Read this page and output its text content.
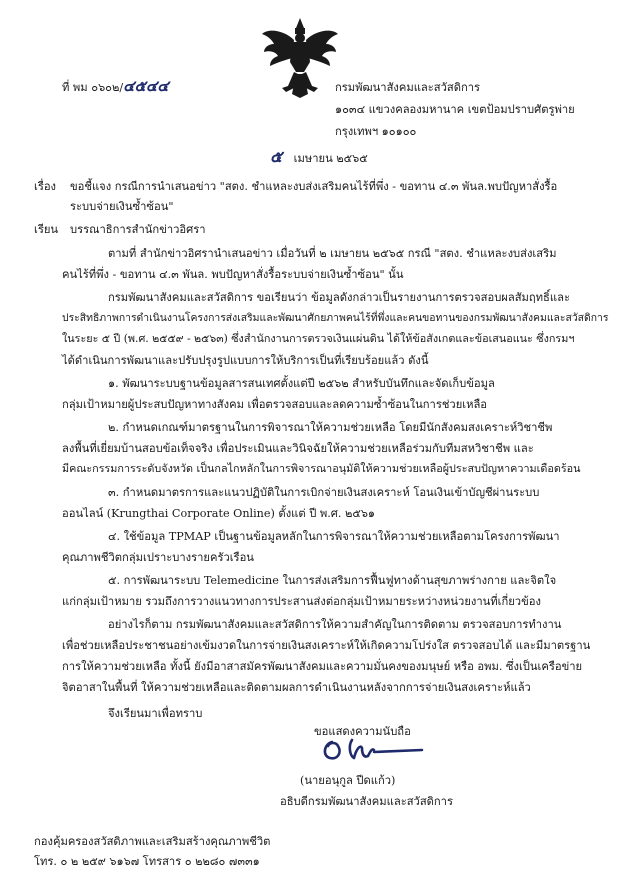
ที่ พม ๐๖๐๒/๔๕๔๔	กรมพัฒนาสังคมและสวัสดิการ
๑๐๓๔ แขวงคลองมหานาค เขตป้อมปราบศัตรูพ่าย
กรุงเทพฯ ๑๐๑๐๐
๕ เมษายน ๒๕๖๕
เรื่อง ขอชี้แจง กรณีการนำเสนอข่าว "สตง. ชำแหละงบส่งเสริมคนไร้ที่พึ่ง - ขอทาน ๔.๓ พันล.พบปัญหาสั่งรื้อ
ระบบจ่ายเงินซ้ำซ้อน"
เรียน บรรณาธิการสำนักข่าวอิศรา
ตามที่ สำนักข่าวอิศรานำเสนอข่าว เมื่อวันที่ ๒ เมษายน ๒๕๖๕ กรณี "สตง. ชำแหละงบส่งเสริม
คนไร้ที่พึ่ง - ขอทาน ๔.๓ พันล. พบปัญหาสั่งรื้อระบบจ่ายเงินซ้ำซ้อน" นั้น
กรมพัฒนาสังคมและสวัสดิการ ขอเรียนว่า ข้อมูลดังกล่าวเป็นรายงานการตรวจสอบผลสัมฤทธิ์และ
ประสิทธิภาพการดำเนินงานโครงการส่งเสริมและพัฒนาศักยภาพคนไร้ที่พึ่งและคนขอทานของกรมพัฒนาสังคมและสวัสดิการ
ในระยะ ๕ ปี (พ.ศ. ๒๕๕๙ - ๒๕๖๓) ซึ่งสำนักงานการตรวจเงินแผ่นดิน ได้ให้ข้อสังเกตและข้อเสนอแนะ ซึ่งกรมฯ
ได้ดำเนินการพัฒนาและปรับปรุงรูปแบบการให้บริการเป็นที่เรียบร้อยแล้ว ดังนี้
๑. พัฒนาระบบฐานข้อมูลสารสนเทศตั้งแต่ปี ๒๕๖๒ สำหรับบันทึกและจัดเก็บข้อมูล
กลุ่มเป้าหมายผู้ประสบปัญหาทางสังคม เพื่อตรวจสอบและลดความซ้ำซ้อนในการช่วยเหลือ
๒. กำหนดเกณฑ์มาตรฐานในการพิจารณาให้ความช่วยเหลือ โดยมีนักสังคมสงเคราะห์วิชาชีพ
ลงพื้นที่เยี่ยมบ้านสอบข้อเท็จจริง เพื่อประเมินและวินิจฉัยให้ความช่วยเหลือร่วมกับทีมสหวิชาชีพ และ
มีคณะกรรมการระดับจังหวัด เป็นกลไกหลักในการพิจารณาอนุมัติให้ความช่วยเหลือผู้ประสบปัญหาความเดือดร้อน
๓. กำหนดมาตรการและแนวปฏิบัติในการเบิกจ่ายเงินสงเคราะห์ โอนเงินเข้าบัญชีผ่านระบบ
ออนไลน์ (Krungthai Corporate Online) ตั้งแต่ ปี พ.ศ. ๒๕๖๑
๔. ใช้ข้อมูล TPMAP เป็นฐานข้อมูลหลักในการพิจารณาให้ความช่วยเหลือตามโครงการพัฒนา
คุณภาพชีวิตกลุ่มเปราะบางรายครัวเรือน
๕. การพัฒนาระบบ Telemedicine ในการส่งเสริมการฟื้นฟูทางด้านสุขภาพร่างกาย และจิตใจ
แก่กลุ่มเป้าหมาย รวมถึงการวางแนวทางการประสานส่งต่อกลุ่มเป้าหมายระหว่างหน่วยงานที่เกี่ยวข้อง
อย่างไรก็ตาม กรมพัฒนาสังคมและสวัสดิการให้ความสำคัญในการติดตาม ตรวจสอบการทำงาน
เพื่อช่วยเหลือประชาชนอย่างเข้มงวดในการจ่ายเงินสงเคราะห์ให้เกิดความโปร่งใส ตรวจสอบได้ และมีมาตรฐาน
การให้ความช่วยเหลือ ทั้งนี้ ยังมีอาสาสมัครพัฒนาสังคมและความมั่นคงของมนุษย์ หรือ อพม. ซึ่งเป็นเครือข่าย
จิตอาสาในพื้นที่ ให้ความช่วยเหลือและติดตามผลการดำเนินงานหลังจากการจ่ายเงินสงเคราะห์แล้ว
จึงเรียนมาเพื่อทราบ
ขอแสดงความนับถือ
(นายอนุกูล ปีดแก้ว)
อธิบดีกรมพัฒนาสังคมและสวัสดิการ
กองคุ้มครองสวัสดิภาพและเสริมสร้างคุณภาพชีวิต
โทร. ๐ ๒ ๒๕๙ ๖๑๖๗ โทรสาร ๐ ๒๒๘๐ ๗๓๓๑
